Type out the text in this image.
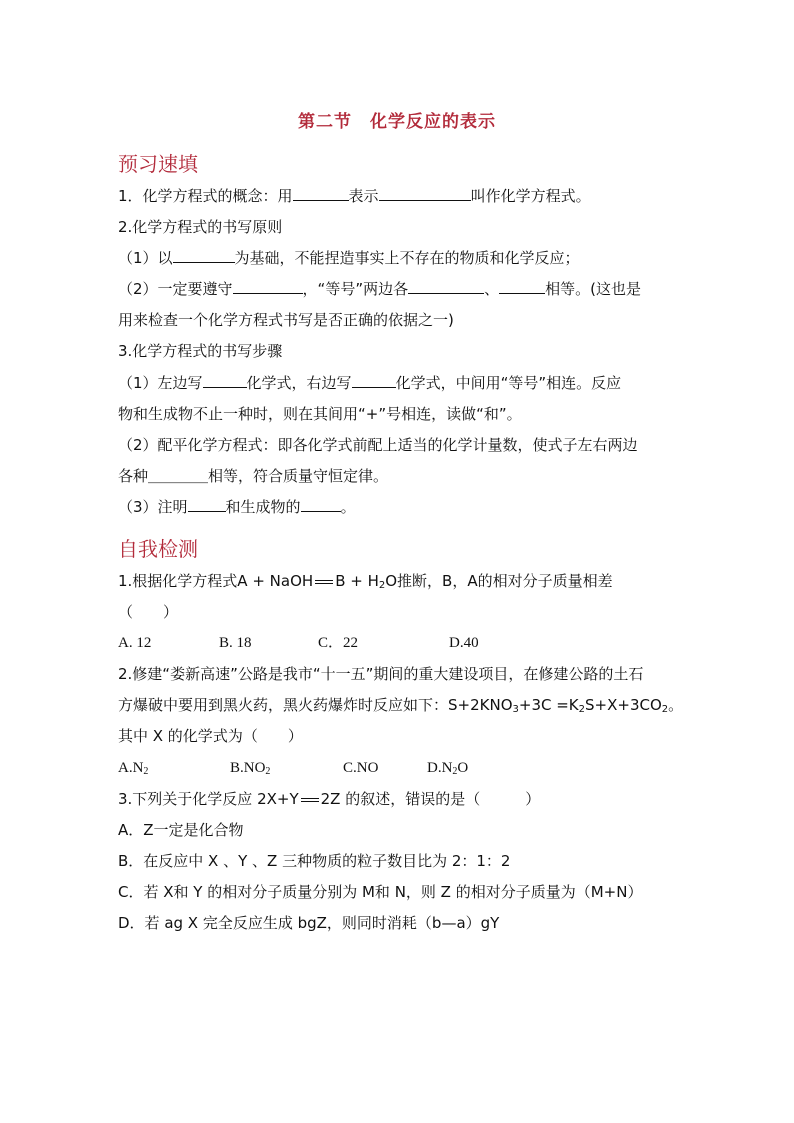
第二节　化学反应的表示
预习速填
1．化学方程式的概念：用	表示	叫作化学方程式。
2.化学方程式的书写原则
（1）以	为基础，不能捏造事实上不存在的物质和化学反应；
（2）一定要遵守	，“等号”两边各	、	相等。(这也是
用来检查一个化学方程式书写是否正确的依据之一)
3.化学方程式的书写步骤
（1）左边写	化学式，右边写	化学式，中间用“等号”相连。反应
物和生成物不止一种时，则在其间用“+”号相连，读做“和”。
（2）配平化学方程式：即各化学式前配上适当的化学计量数，使式子左右两边
各种＿＿＿＿相等，符合质量守恒定律。
（3）注明	和生成物的	。
自我检测
1.根据化学方程式A + NaOH $B + H_2O$推断，B，A的相对分子质量相差
（　　）
A. 12	B. 18	C．22	D.40
2.修建“娄新高速”公路是我市“十一五”期间的重大建设项目，在修建公路的土石
方爆破中要用到黑火药，黑火药爆炸时反应如下：$S+2KNO_3+3C =K_2S+X+3CO_2$。
其中 X 的化学式为（　　）
$A.N_2$	$B.NO_2$	C.NO	$D.N_2O$
3.下列关于化学反应 2X+Y 2Z 的叙述，错误的是（　　　）
A．Z一定是化合物
B．在反应中 X 、Y 、Z 三种物质的粒子数目比为 2：1：2
C．若 X和 Y 的相对分子质量分别为 M和 N，则 Z 的相对分子质量为（M+N）
D．若 ag X 完全反应生成 bgZ，则同时消耗（b—a）gY
